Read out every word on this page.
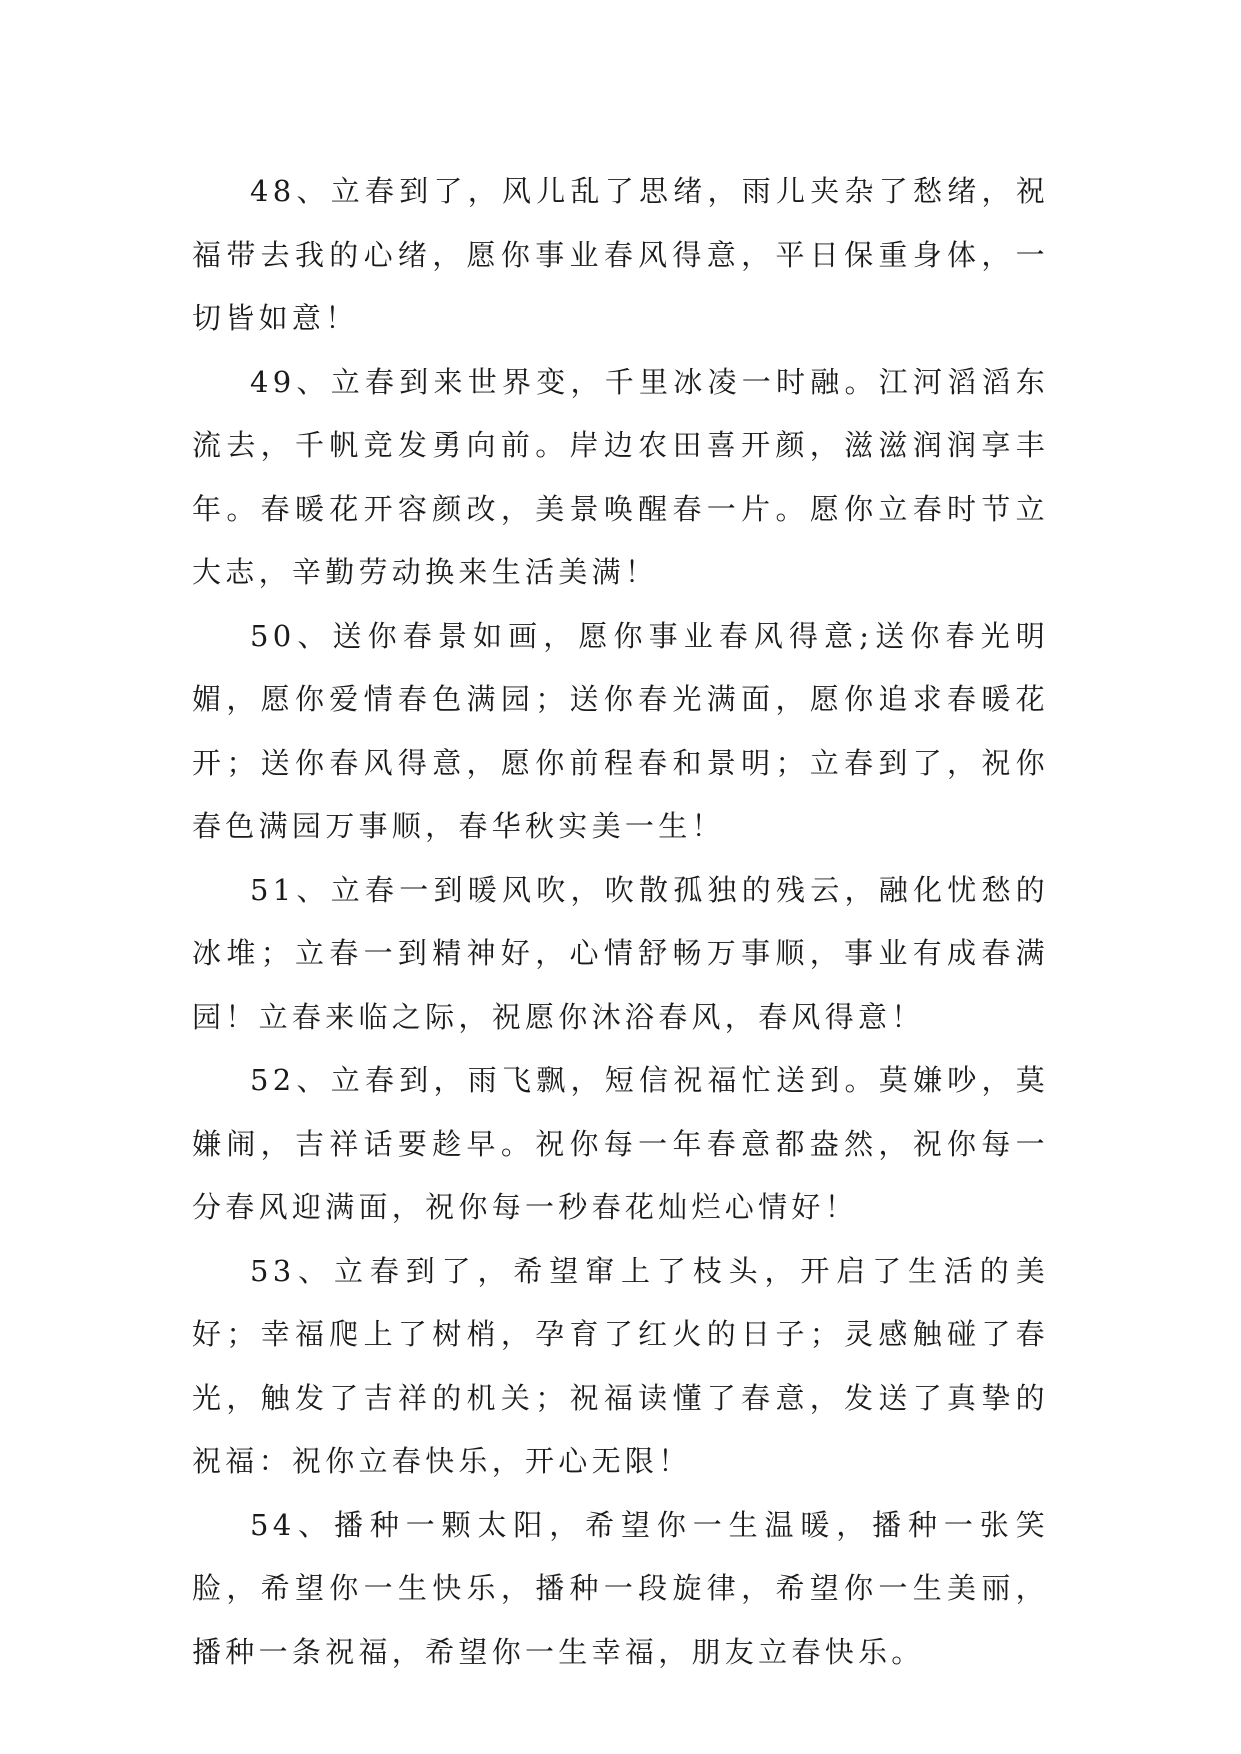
48、立春到了，风儿乱了思绪，雨儿夹杂了愁绪，祝福带去我的心绪，愿你事业春风得意，平日保重身体，一切皆如意！

49、立春到来世界变，千里冰凌一时融。江河滔滔东流去，千帆竞发勇向前。岸边农田喜开颜，滋滋润润享丰年。春暖花开容颜改，美景唤醒春一片。愿你立春时节立大志，辛勤劳动换来生活美满！

50、送你春景如画，愿你事业春风得意;送你春光明媚，愿你爱情春色满园；送你春光满面，愿你追求春暖花开；送你春风得意，愿你前程春和景明；立春到了，祝你春色满园万事顺，春华秋实美一生！

51、立春一到暖风吹，吹散孤独的残云，融化忧愁的冰堆；立春一到精神好，心情舒畅万事顺，事业有成春满园！立春来临之际，祝愿你沐浴春风，春风得意！

52、立春到，雨飞飘，短信祝福忙送到。莫嫌吵，莫嫌闹，吉祥话要趁早。祝你每一年春意都盎然，祝你每一分春风迎满面，祝你每一秒春花灿烂心情好！

53、立春到了，希望窜上了枝头，开启了生活的美好；幸福爬上了树梢，孕育了红火的日子；灵感触碰了春光，触发了吉祥的机关；祝福读懂了春意，发送了真挚的祝福：祝你立春快乐，开心无限！

54、播种一颗太阳，希望你一生温暖，播种一张笑脸，希望你一生快乐，播种一段旋律，希望你一生美丽，播种一条祝福，希望你一生幸福，朋友立春快乐。
